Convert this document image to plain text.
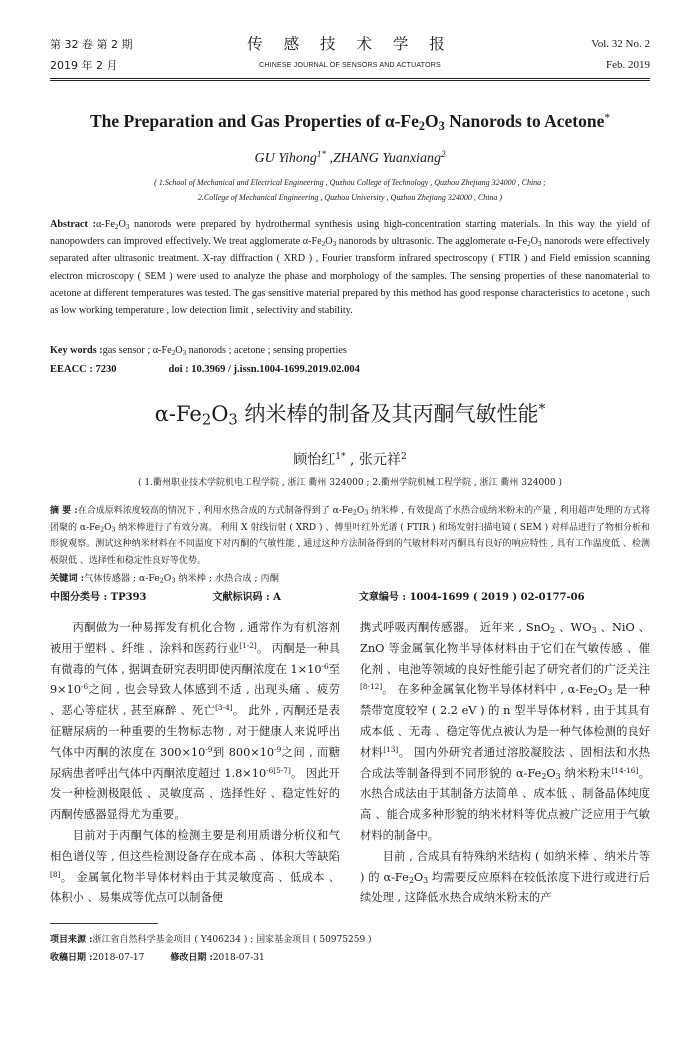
第 32 卷 第 2 期
2019 年 2 月
传 感 技 术 学 报
CHINESE JOURNAL OF SENSORS AND ACTUATORS
Vol. 32 No. 2
Feb. 2019
The Preparation and Gas Properties of $\alpha-Fe_2O_3$ Nanorods to Acetone*
GU Yihong$^{1*}$ ,ZHANG Yuanxiang$^2$
( 1.School of Mechanical and Electrical Engineering , Quzhou College of Technology , Quzhou Zhejiang 324000 , China ;
2.College of Mechanical Engineering , Quzhou University , Quzhou Zhejiang 324000 , China )
Abstract $:\alpha-Fe_2O_3$ nanorods were prepared by hydrothermal synthesis using high-concentration starting materials. In this way the yield of nanopowders can improved effectively. We treat agglomerate $\alpha-Fe_2O_3$ nanorods by ultrasonic. The agglomerate $\alpha-Fe_2O_3$ nanorods were effectively separated after ultrasonic treatment. X-ray diffraction ( XRD ) , Fourier transform infrared spectroscopy ( FTIR ) and Field emission scanning electron microscopy ( SEM ) were used to analyze the phase and morphology of the samples. The sensing properties of these nanomaterial to acetone at different temperatures was tested. The gas sensitive material prepared by this method has good response characteristics to acetone , such as low working temperature , low detection limit , selectivity and stability.
Key words :gas sensor ; $\alpha-Fe_2O_3$ nanorods ; acetone ; sensing properties
EEACC : 7230	doi : 10.3969 / j.issn.1004-1699.2019.02.004
$\alpha-Fe_2O_3$ 纳米棒的制备及其丙酮气敏性能*
顾怡红$^{1*}$ , 张元祥$^2$
( 1.衢州职业技术学院机电工程学院 , 浙江 衢州 324000 ; 2.衢州学院机械工程学院 , 浙江 衢州 324000 )
摘 要 :在合成原料浓度较高的情况下 , 利用水热合成的方式制备得到了 $\alpha-Fe_2O_3$ 纳米棒 , 有效提高了水热合成纳米粉末的产量 , 利用超声处理的方式将团聚的 $\alpha-Fe_2O_3$ 纳米棒进行了有效分离。 利用 X 射线衍射 ( XRD ) 、傅里叶红外光谱 ( FTIR ) 和场发射扫描电镜 ( SEM ) 对样品进行了物相分析和形貌观察。测试这种纳米材料在不同温度下对丙酮的气敏性能 , 通过这种方法制备得到的气敏材料对丙酮具有良好的响应特性 , 具有工作温度低 、检测极限低 、选择性和稳定性良好等优势。
关键词 :气体传感器 ; $\alpha-Fe_2O_3$ 纳米棒 ; 水热合成 ; 丙酮
中图分类号 : TP393	文献标识码 : A	文章编号 : 1004-1699 ( 2019 ) 02-0177-06

丙酮做为一种易挥发有机化合物 , 通常作为有机溶剂被用于塑料 、纤维 、涂料和医药行业[1-2]。 丙酮是一种具有微毒的气体 , 据调查研究表明即使丙酮浓度在 $1\times 10^{-6}$至 $9\times 10^{-6}$之间 , 也会导致人体感到不适 , 出现头痛 、疲劳 、恶心等症状 , 甚至麻醉 、死亡[3-4]。 此外 , 丙酮还是表征糖尿病的一种重要的生物标志物 , 对于健康人来说呼出气体中丙酮的浓度在 $300\times 10^{-9}$到 $800\times 10^{-9}$之间 , 而糖尿病患者呼出气体中丙酮浓度超过 $1.8\times 10^{-6[5-7]}$。 因此开发一种检测极限低 、灵敏度高 、选择性好 、稳定性好的丙酮传感器显得尤为重要。

目前对于丙酮气体的检测主要是利用质谱分析仪和气相色谱仪等 , 但这些检测设备存在成本高 、体积大等缺陷[8]。 金属氧化物半导体材料由于其灵敏度高 、低成本 、体积小 、易集成等优点可以制备便

携式呼吸丙酮传感器。 近年来 , SnO$_2$ 、$WO_3$ 、NiO 、ZnO 等金属氧化物半导体材料由于它们在气敏传感 、催化剂 、电池等领域的良好性能引起了研究者们的广泛关注[8-12]。 在多种金属氧化物半导体材料中 , $\alpha-Fe_2O_3$ 是一种禁带宽度较窄 ( 2.2 eV ) 的 n 型半导体材料 , 由于其具有成本低 、无毒 、稳定等优点被认为是一种气体检测的良好材料[13]。 国内外研究者通过溶胶凝胶法 、固相法和水热合成法等制备得到不同形貌的 $\alpha-Fe_2O_3$ 纳米粉末[14-16]。 水热合成法由于其制备方法简单 、成本低 、制备晶体纯度高 、能合成多种形貌的纳米材料等优点被广泛应用于气敏材料的制备中。

目前 , 合成具有特殊纳米结构 ( 如纳米棒 、纳米片等 ) 的 $\alpha-Fe_2O_3$ 均需要反应原料在较低浓度下进行或进行后续处理 , 这降低水热合成纳米粉末的产

项目来源 :浙江省自然科学基金项目 ( Y406234 ) ; 国家基金项目 ( 50975259 )
收稿日期 :2018-07-17	修改日期 :2018-07-31
